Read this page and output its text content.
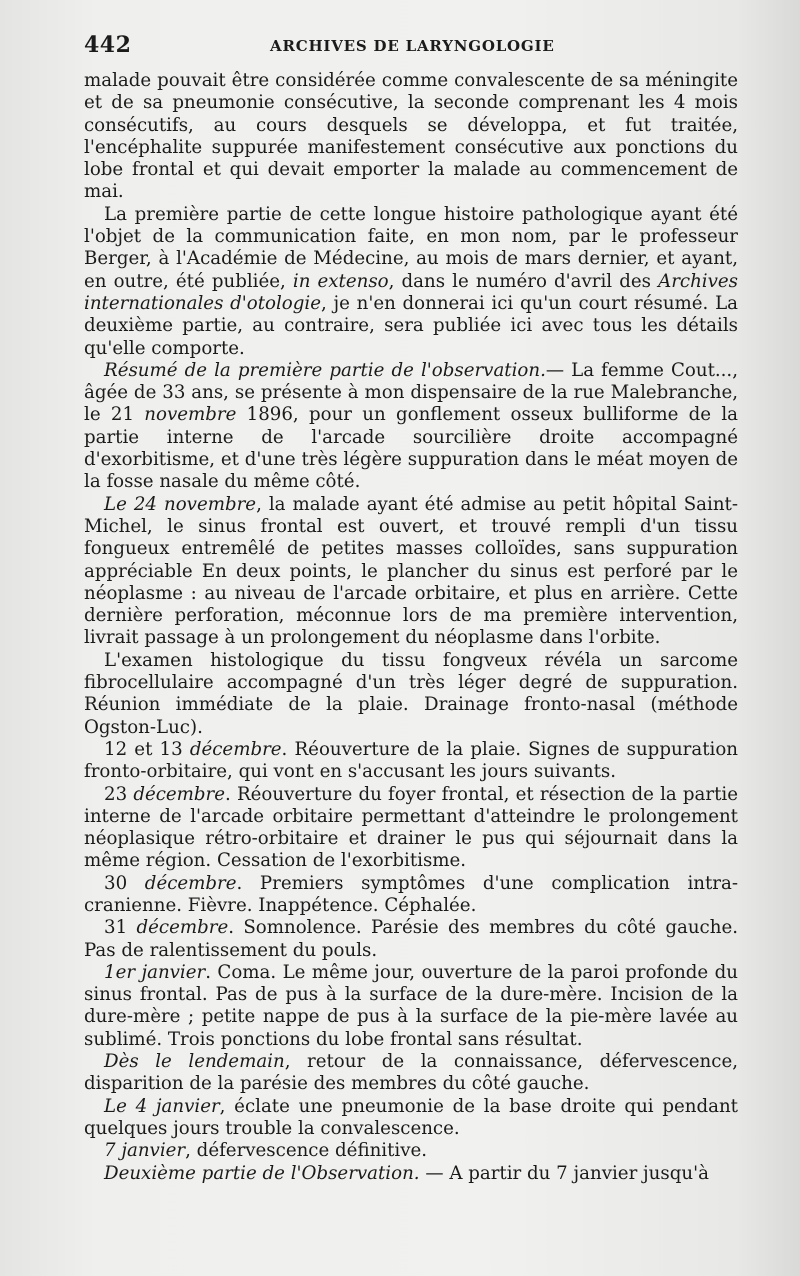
442	ARCHIVES DE LARYNGOLOGIE

malade pouvait être considérée comme convalescente de sa méningite et de sa pneumonie consécutive, la seconde comprenant les 4 mois consécutifs, au cours desquels se développa, et fut traitée, l'encéphalite suppurée manifestement consécutive aux ponctions du lobe frontal et qui devait emporter la malade au commencement de mai.

La première partie de cette longue histoire pathologique ayant été l'objet de la communication faite, en mon nom, par le professeur Berger, à l'Académie de Médecine, au mois de mars dernier, et ayant, en outre, été publiée, in extenso, dans le numéro d'avril des Archives internationales d'otologie, je n'en donnerai ici qu'un court résumé. La deuxième partie, au contraire, sera publiée ici avec tous les détails qu'elle comporte.

Résumé de la première partie de l'observation.— La femme Cout..., âgée de 33 ans, se présente à mon dispensaire de la rue Malebranche, le 21 novembre 1896, pour un gonflement osseux bulliforme de la partie interne de l'arcade sourcilière droite accompagné d'exorbitisme, et d'une très légère suppuration dans le méat moyen de la fosse nasale du même côté.

Le 24 novembre, la malade ayant été admise au petit hôpital Saint-Michel, le sinus frontal est ouvert, et trouvé rempli d'un tissu fongueux entremêlé de petites masses colloïdes, sans suppuration appréciable En deux points, le plancher du sinus est perforé par le néoplasme : au niveau de l'arcade orbitaire, et plus en arrière. Cette dernière perforation, méconnue lors de ma première intervention, livrait passage à un prolongement du néoplasme dans l'orbite.

L'examen histologique du tissu fongveux révéla un sarcome fibrocellulaire accompagné d'un très léger degré de suppuration. Réunion immédiate de la plaie. Drainage fronto-nasal (méthode Ogston-Luc).

12 et 13 décembre. Réouverture de la plaie. Signes de suppuration fronto-orbitaire, qui vont en s'accusant les jours suivants.

23 décembre. Réouverture du foyer frontal, et résection de la partie interne de l'arcade orbitaire permettant d'atteindre le prolongement néoplasique rétro-orbitaire et drainer le pus qui séjournait dans la même région. Cessation de l'exorbitisme.

30 décembre. Premiers symptômes d'une complication intra-cranienne. Fièvre. Inappétence. Céphalée.

31 décembre. Somnolence. Parésie des membres du côté gauche. Pas de ralentissement du pouls.

1er janvier. Coma. Le même jour, ouverture de la paroi profonde du sinus frontal. Pas de pus à la surface de la dure-mère. Incision de la dure-mère ; petite nappe de pus à la surface de la pie-mère lavée au sublimé. Trois ponctions du lobe frontal sans résultat.

Dès le lendemain, retour de la connaissance, défervescence, disparition de la parésie des membres du côté gauche.

Le 4 janvier, éclate une pneumonie de la base droite qui pendant quelques jours trouble la convalescence.

7 janvier, défervescence définitive.

Deuxième partie de l'Observation. — A partir du 7 janvier jusqu'à
